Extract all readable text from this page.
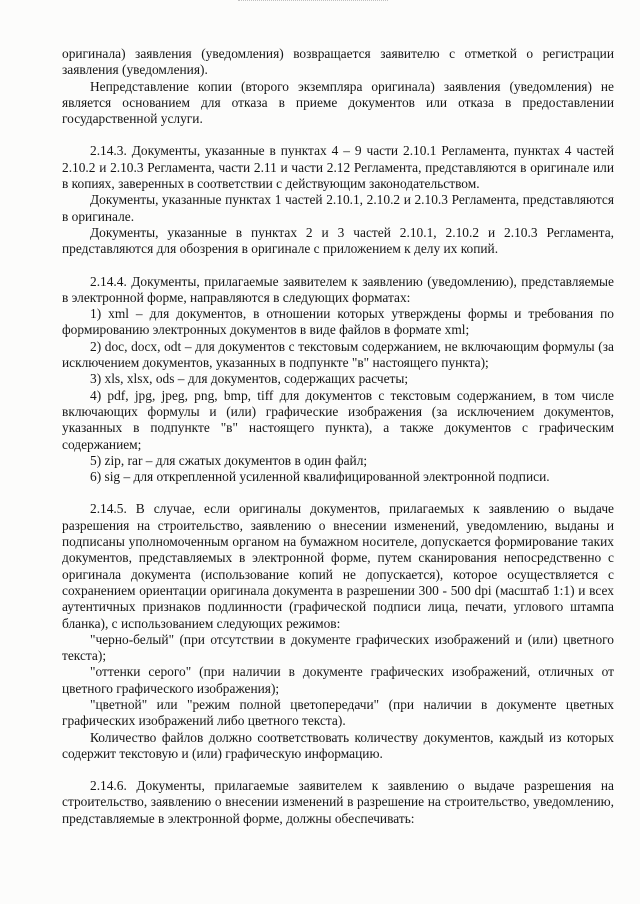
оригинала) заявления (уведомления) возвращается заявителю с отметкой о регистрации заявления (уведомления).

Непредставление копии (второго экземпляра оригинала) заявления (уведомления) не является основанием для отказа в приеме документов или отказа в предоставлении государственной услуги.

2.14.3. Документы, указанные в пунктах 4 – 9 части 2.10.1 Регламента, пунктах 4 частей 2.10.2 и 2.10.3 Регламента, части 2.11 и части 2.12 Регламента, представляются в оригинале или в копиях, заверенных в соответствии с действующим законодательством.

Документы, указанные пунктах 1 частей 2.10.1, 2.10.2 и 2.10.3 Регламента, представляются в оригинале.

Документы, указанные в пунктах 2 и 3 частей 2.10.1, 2.10.2 и 2.10.3 Регламента, представляются для обозрения в оригинале с приложением к делу их копий.

2.14.4. Документы, прилагаемые заявителем к заявлению (уведомлению), представляемые в электронной форме, направляются в следующих форматах:

1) xml – для документов, в отношении которых утверждены формы и требования по формированию электронных документов в виде файлов в формате xml;

2) doc, docx, odt – для документов с текстовым содержанием, не включающим формулы (за исключением документов, указанных в подпункте "в" настоящего пункта);

3) xls, xlsx, ods – для документов, содержащих расчеты;

4) pdf, jpg, jpeg, png, bmp, tiff для документов с текстовым содержанием, в том числе включающих формулы и (или) графические изображения (за исключением документов, указанных в подпункте "в" настоящего пункта), а также документов с графическим содержанием;

5) zip, rar – для сжатых документов в один файл;

6) sig – для открепленной усиленной квалифицированной электронной подписи.

2.14.5. В случае, если оригиналы документов, прилагаемых к заявлению о выдаче разрешения на строительство, заявлению о внесении изменений, уведомлению, выданы и подписаны уполномоченным органом на бумажном носителе, допускается формирование таких документов, представляемых в электронной форме, путем сканирования непосредственно с оригинала документа (использование копий не допускается), которое осуществляется с сохранением ориентации оригинала документа в разрешении 300 - 500 dpi (масштаб 1:1) и всех аутентичных признаков подлинности (графической подписи лица, печати, углового штампа бланка), с использованием следующих режимов:

"черно-белый" (при отсутствии в документе графических изображений и (или) цветного текста);

"оттенки серого" (при наличии в документе графических изображений, отличных от цветного графического изображения);

"цветной" или "режим полной цветопередачи" (при наличии в документе цветных графических изображений либо цветного текста).

Количество файлов должно соответствовать количеству документов, каждый из которых содержит текстовую и (или) графическую информацию.

2.14.6. Документы, прилагаемые заявителем к заявлению о выдаче разрешения на строительство, заявлению о внесении изменений в разрешение на строительство, уведомлению, представляемые в электронной форме, должны обеспечивать:
